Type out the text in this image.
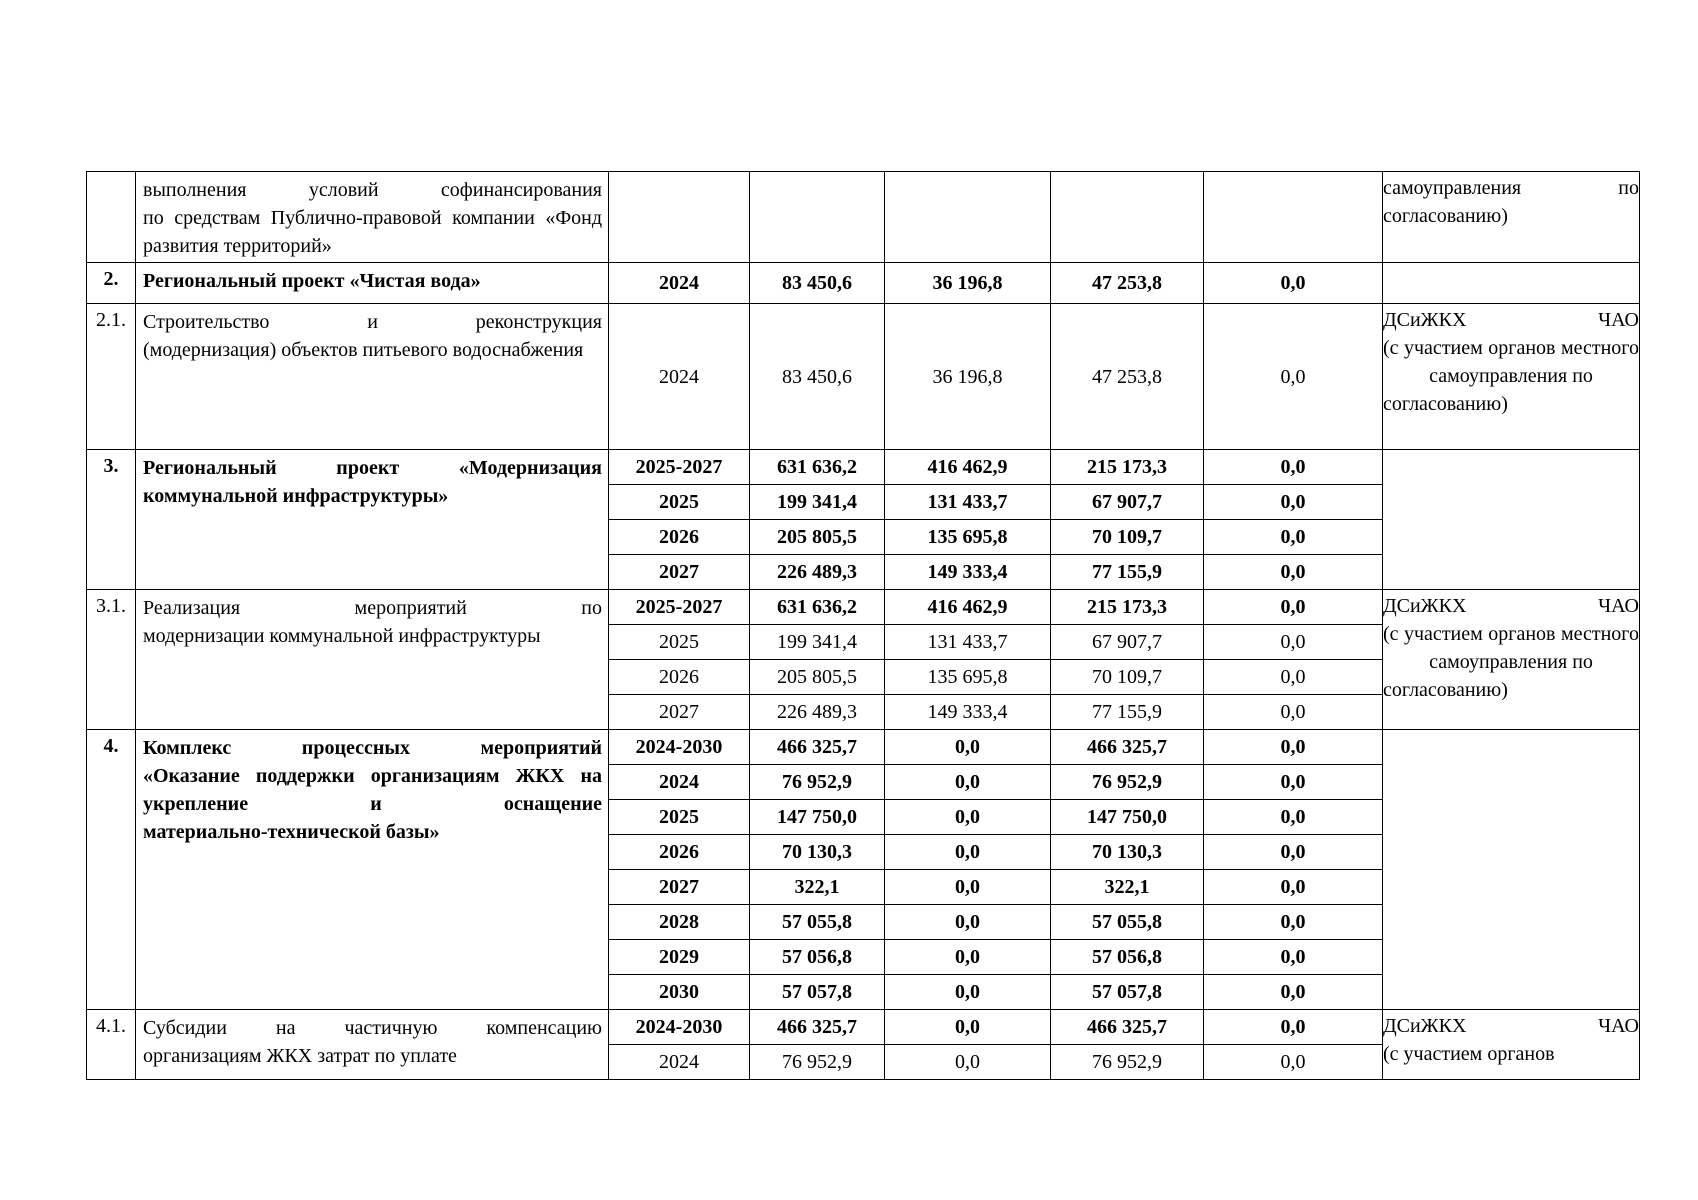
	выполнения условий софинансирования
по средствам Публично-правовой компании «Фонд развития территорий»						самоуправления по
согласованию)

2.	Региональный проект «Чистая вода»	2024	83 450,6	36 196,8	47 253,8	0,0	
2.1.	Строительство и реконструкция
(модернизация) объектов питьевого водоснабжения	2024	83 450,6	36 196,8	47 253,8	0,0	ДСиЖКХ ЧАО
(с участием органов местного
самоуправления по согласованию)

3.	Региональный проект «Модернизация
коммунальной инфраструктуры»	2025-2027	631 636,2	416 462,9	215 173,3	0,0	
		2025	199 341,4	131 433,7	67 907,7	0,0	
		2026	205 805,5	135 695,8	70 109,7	0,0	
		2027	226 489,3	149 333,4	77 155,9	0,0	
3.1.	Реализация мероприятий по
модернизации коммунальной инфраструктуры	2025-2027	631 636,2	416 462,9	215 173,3	0,0	ДСиЖКХ ЧАО
(с участием органов местного
самоуправления по согласованию)

		2025	199 341,4	131 433,7	67 907,7	0,0	
		2026	205 805,5	135 695,8	70 109,7	0,0	
		2027	226 489,3	149 333,4	77 155,9	0,0	
4.	Комплекс процессных мероприятий
«Оказание поддержки организациям ЖКХ на укрепление и оснащение
материально-технической базы»	2024-2030	466 325,7	0,0	466 325,7	0,0	
		2024	76 952,9	0,0	76 952,9	0,0	
		2025	147 750,0	0,0	147 750,0	0,0	
		2026	70 130,3	0,0	70 130,3	0,0	
		2027	322,1	0,0	322,1	0,0	
		2028	57 055,8	0,0	57 055,8	0,0	
		2029	57 056,8	0,0	57 056,8	0,0	
		2030	57 057,8	0,0	57 057,8	0,0	
4.1.	Субсидии на частичную компенсацию
организациям ЖКХ затрат по уплате	2024-2030	466 325,7	0,0	466 325,7	0,0	ДСиЖКХ ЧАО
(с участием органов

		2024	76 952,9	0,0	76 952,9	0,0	
